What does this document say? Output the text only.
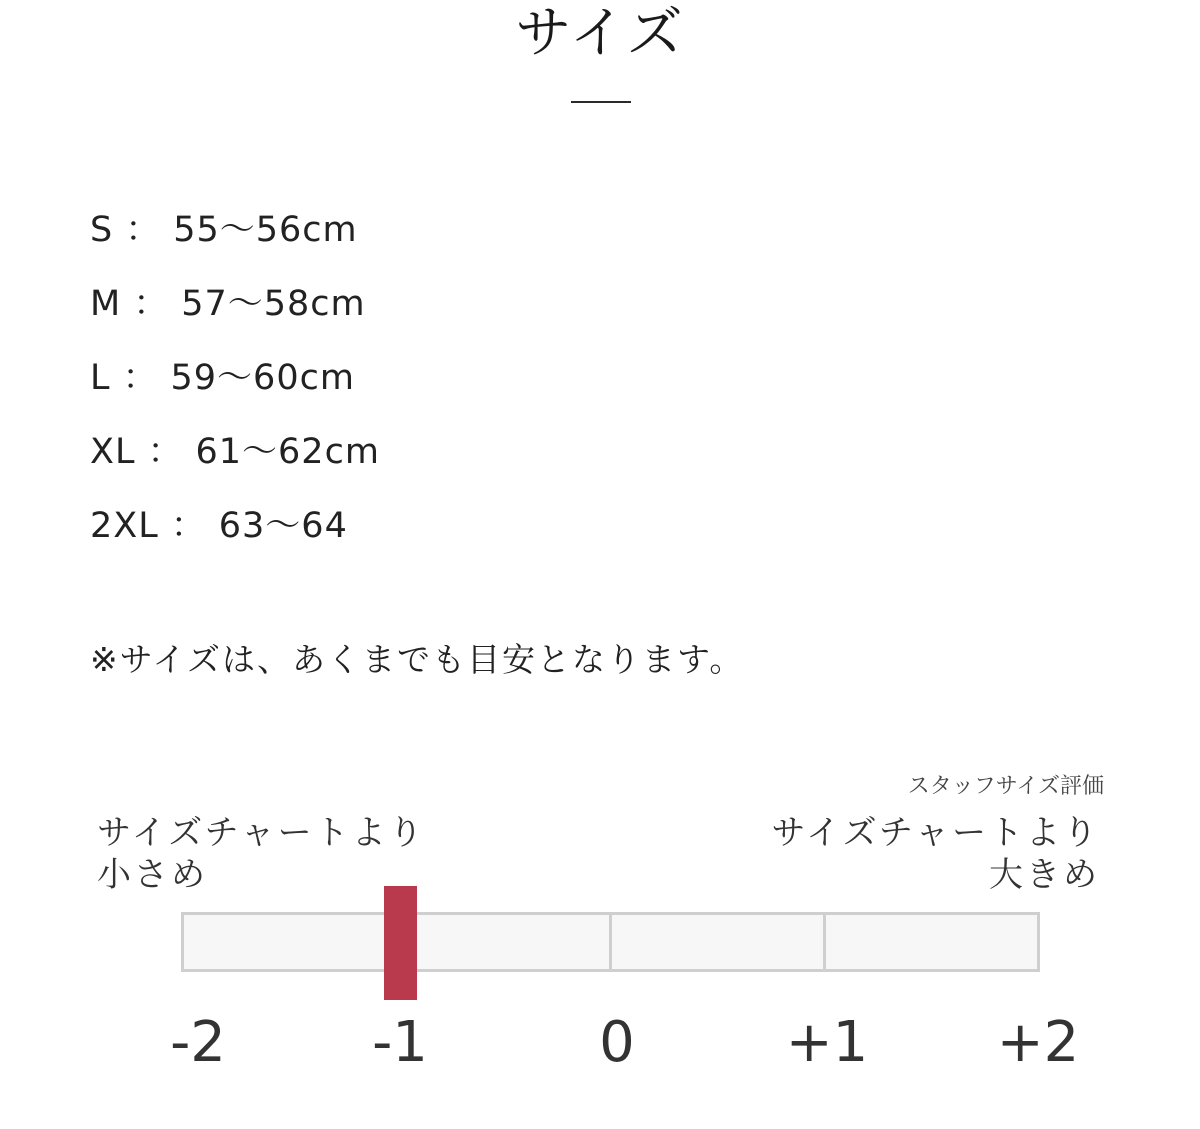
サイズ
S ： 55〜56cm
M ： 57〜58cm
L ： 59〜60cm
XL ： 61〜62cm
2XL ： 63〜64
※サイズは、あくまでも目安となります。
スタッフサイズ評価
サイズチャートより
小さめ
サイズチャートより
大きめ
-2	-1	0	+1	+2
